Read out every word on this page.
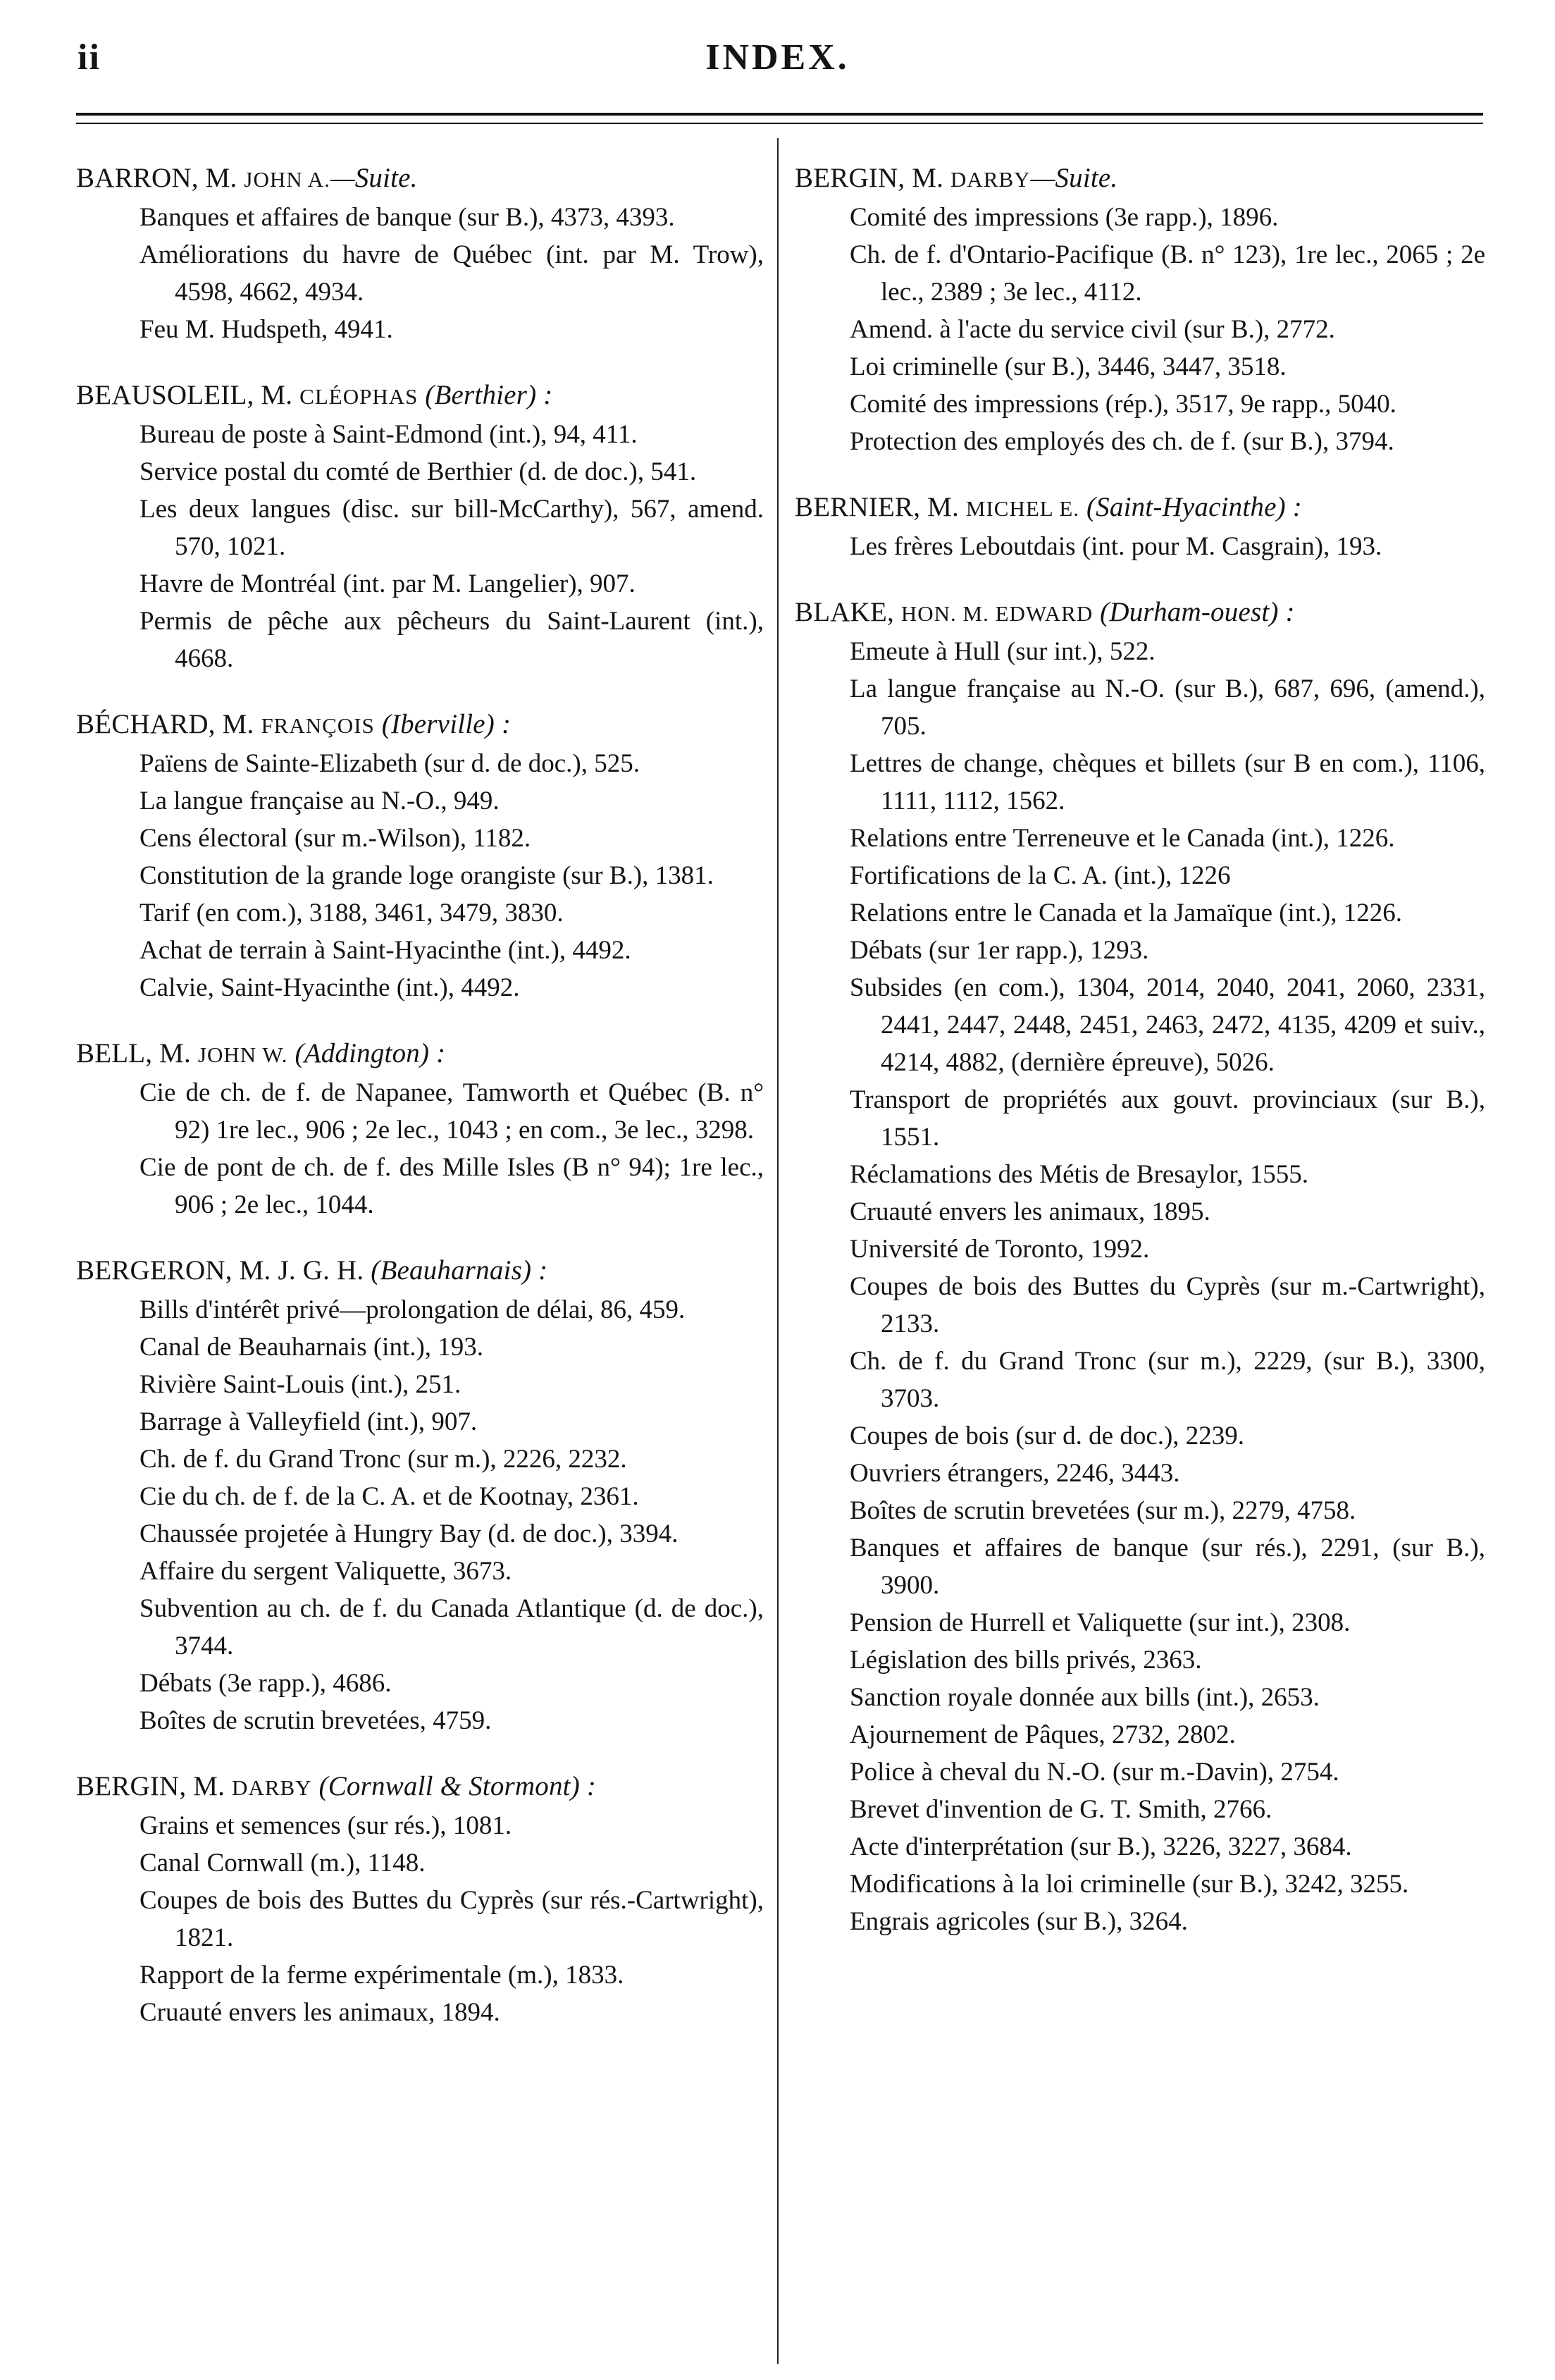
ii	INDEX.

BARRON, M. JOHN A.—Suite.

Banques et affaires de banque (sur B.), 4373, 4393.

Améliorations du havre de Québec (int. par M. Trow), 4598, 4662, 4934.

Feu M. Hudspeth, 4941.

BEAUSOLEIL, M. CLÉOPHAS (Berthier) :

Bureau de poste à Saint-Edmond (int.), 94, 411.

Service postal du comté de Berthier (d. de doc.), 541.

Les deux langues (disc. sur bill-McCarthy), 567, amend. 570, 1021.

Havre de Montréal (int. par M. Langelier), 907.

Permis de pêche aux pêcheurs du Saint-Laurent (int.), 4668.

BÉCHARD, M. FRANÇOIS (Iberville) :

Païens de Sainte-Elizabeth (sur d. de doc.), 525.

La langue française au N.-O., 949.

Cens électoral (sur m.-Wilson), 1182.

Constitution de la grande loge orangiste (sur B.), 1381.

Tarif (en com.), 3188, 3461, 3479, 3830.

Achat de terrain à Saint-Hyacinthe (int.), 4492.

Calvie, Saint-Hyacinthe (int.), 4492.

BELL, M. JOHN W. (Addington) :

Cie de ch. de f. de Napanee, Tamworth et Québec (B. n° 92) 1re lec., 906 ; 2e lec., 1043 ; en com., 3e lec., 3298.

Cie de pont de ch. de f. des Mille Isles (B n° 94); 1re lec., 906 ; 2e lec., 1044.

BERGERON, M. J. G. H. (Beauharnais) :

Bills d'intérêt privé—prolongation de délai, 86, 459.

Canal de Beauharnais (int.), 193.

Rivière Saint-Louis (int.), 251.

Barrage à Valleyfield (int.), 907.

Ch. de f. du Grand Tronc (sur m.), 2226, 2232.

Cie du ch. de f. de la C. A. et de Kootnay, 2361.

Chaussée projetée à Hungry Bay (d. de doc.), 3394.

Affaire du sergent Valiquette, 3673.

Subvention au ch. de f. du Canada Atlantique (d. de doc.), 3744.

Débats (3e rapp.), 4686.

Boîtes de scrutin brevetées, 4759.

BERGIN, M. DARBY (Cornwall & Stormont) :

Grains et semences (sur rés.), 1081.

Canal Cornwall (m.), 1148.

Coupes de bois des Buttes du Cyprès (sur rés.-Cartwright), 1821.

Rapport de la ferme expérimentale (m.), 1833.

Cruauté envers les animaux, 1894.

BERGIN, M. DARBY—Suite.

Comité des impressions (3e rapp.), 1896.

Ch. de f. d'Ontario-Pacifique (B. n° 123), 1re lec., 2065 ; 2e lec., 2389 ; 3e lec., 4112.

Amend. à l'acte du service civil (sur B.), 2772.

Loi criminelle (sur B.), 3446, 3447, 3518.

Comité des impressions (rép.), 3517, 9e rapp., 5040.

Protection des employés des ch. de f. (sur B.), 3794.

BERNIER, M. MICHEL E. (Saint-Hyacinthe) :

Les frères Leboutdais (int. pour M. Casgrain), 193.

BLAKE, HON. M. EDWARD (Durham-ouest) :

Emeute à Hull (sur int.), 522.

La langue française au N.-O. (sur B.), 687, 696, (amend.), 705.

Lettres de change, chèques et billets (sur B en com.), 1106, 1111, 1112, 1562.

Relations entre Terreneuve et le Canada (int.), 1226.

Fortifications de la C. A. (int.), 1226

Relations entre le Canada et la Jamaïque (int.), 1226.

Débats (sur 1er rapp.), 1293.

Subsides (en com.), 1304, 2014, 2040, 2041, 2060, 2331, 2441, 2447, 2448, 2451, 2463, 2472, 4135, 4209 et suiv., 4214, 4882, (dernière épreuve), 5026.

Transport de propriétés aux gouvt. provinciaux (sur B.), 1551.

Réclamations des Métis de Bresaylor, 1555.

Cruauté envers les animaux, 1895.

Université de Toronto, 1992.

Coupes de bois des Buttes du Cyprès (sur m.-Cartwright), 2133.

Ch. de f. du Grand Tronc (sur m.), 2229, (sur B.), 3300, 3703.

Coupes de bois (sur d. de doc.), 2239.

Ouvriers étrangers, 2246, 3443.

Boîtes de scrutin brevetées (sur m.), 2279, 4758.

Banques et affaires de banque (sur rés.), 2291, (sur B.), 3900.

Pension de Hurrell et Valiquette (sur int.), 2308.

Législation des bills privés, 2363.

Sanction royale donnée aux bills (int.), 2653.

Ajournement de Pâques, 2732, 2802.

Police à cheval du N.-O. (sur m.-Davin), 2754.

Brevet d'invention de G. T. Smith, 2766.

Acte d'interprétation (sur B.), 3226, 3227, 3684.

Modifications à la loi criminelle (sur B.), 3242, 3255.

Engrais agricoles (sur B.), 3264.
